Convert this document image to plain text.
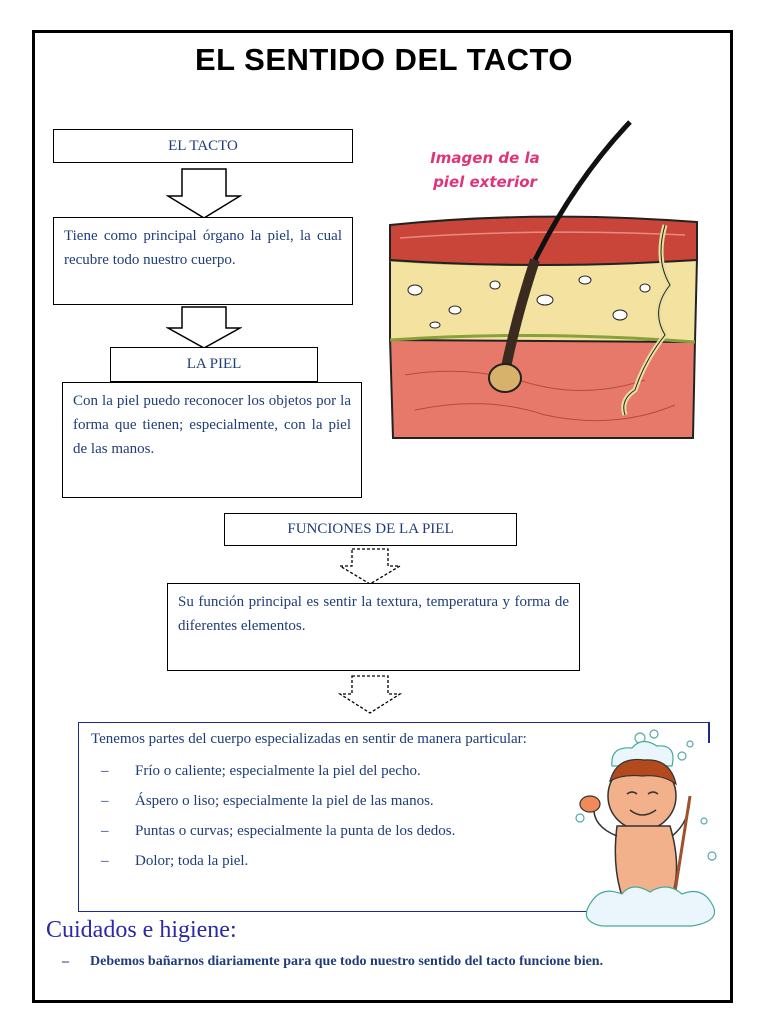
EL SENTIDO DEL TACTO
EL TACTO
Tiene como principal órgano la piel, la cual recubre todo nuestro cuerpo.
LA PIEL
Con la piel puedo reconocer los objetos por la forma que tienen; especialmente, con la piel de las manos.
FUNCIONES DE LA PIEL
Su función principal es sentir la textura, temperatura y forma de diferentes elementos.
Imagen de la
piel exterior
Tenemos partes del cuerpo especializadas en sentir de manera particular:
– Frío o caliente; especialmente la piel del pecho.
– Áspero o liso; especialmente la piel de las manos.
– Puntas o curvas; especialmente la punta de los dedos.
– Dolor; toda la piel.
Cuidados e higiene:
– Debemos bañarnos diariamente para que todo nuestro sentido del tacto funcione bien.
